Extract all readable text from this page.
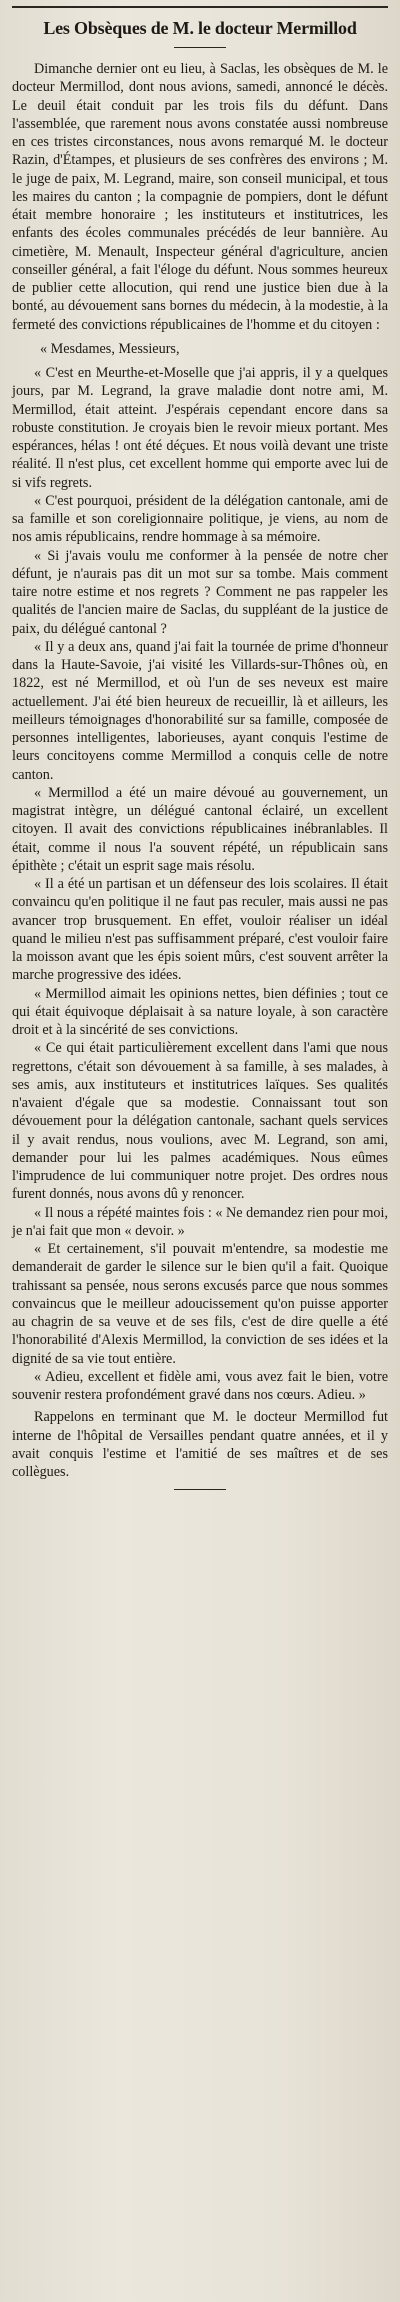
Les Obsèques de M. le docteur Mermillod

Dimanche dernier ont eu lieu, à Saclas, les obsèques de M. le docteur Mermillod, dont nous avions, samedi, annoncé le décès. Le deuil était conduit par les trois fils du défunt. Dans l'assemblée, que rarement nous avons constatée aussi nombreuse en ces tristes circonstances, nous avons remarqué M. le docteur Razin, d'Étampes, et plusieurs de ses confrères des environs ; M. le juge de paix, M. Legrand, maire, son conseil municipal, et tous les maires du canton ; la compagnie de pompiers, dont le défunt était membre honoraire ; les instituteurs et institutrices, les enfants des écoles communales précédés de leur bannière. Au cimetière, M. Menault, Inspecteur général d'agriculture, ancien conseiller général, a fait l'éloge du défunt. Nous sommes heureux de publier cette allocution, qui rend une justice bien due à la bonté, au dévouement sans bornes du médecin, à la modestie, à la fermeté des convictions républicaines de l'homme et du citoyen :

« Mesdames, Messieurs,

« C'est en Meurthe-et-Moselle que j'ai appris, il y a quelques jours, par M. Legrand, la grave maladie dont notre ami, M. Mermillod, était atteint. J'espérais cependant encore dans sa robuste constitution. Je croyais bien le revoir mieux portant. Mes espérances, hélas ! ont été déçues. Et nous voilà devant une triste réalité. Il n'est plus, cet excellent homme qui emporte avec lui de si vifs regrets.

« C'est pourquoi, président de la délégation cantonale, ami de sa famille et son coreligionnaire politique, je viens, au nom de nos amis républicains, rendre hommage à sa mémoire.

« Si j'avais voulu me conformer à la pensée de notre cher défunt, je n'aurais pas dit un mot sur sa tombe. Mais comment taire notre estime et nos regrets ? Comment ne pas rappeler les qualités de l'ancien maire de Saclas, du suppléant de la justice de paix, du délégué cantonal ?

« Il y a deux ans, quand j'ai fait la tournée de prime d'honneur dans la Haute-Savoie, j'ai visité les Villards-sur-Thônes où, en 1822, est né Mermillod, et où l'un de ses neveux est maire actuellement. J'ai été bien heureux de recueillir, là et ailleurs, les meilleurs témoignages d'honorabilité sur sa famille, composée de personnes intelligentes, laborieuses, ayant conquis l'estime de leurs concitoyens comme Mermillod a conquis celle de notre canton.

« Mermillod a été un maire dévoué au gouvernement, un magistrat intègre, un délégué cantonal éclairé, un excellent citoyen. Il avait des convictions républicaines inébranlables. Il était, comme il nous l'a souvent répété, un républicain sans épithète ; c'était un esprit sage mais résolu.

« Il a été un partisan et un défenseur des lois scolaires. Il était convaincu qu'en politique il ne faut pas reculer, mais aussi ne pas avancer trop brusquement. En effet, vouloir réaliser un idéal quand le milieu n'est pas suffisamment préparé, c'est vouloir faire la moisson avant que les épis soient mûrs, c'est souvent arrêter la marche progressive des idées.

« Mermillod aimait les opinions nettes, bien définies ; tout ce qui était équivoque déplaisait à sa nature loyale, à son caractère droit et à la sincérité de ses convictions.

« Ce qui était particulièrement excellent dans l'ami que nous regrettons, c'était son dévouement à sa famille, à ses malades, à ses amis, aux instituteurs et institutrices laïques. Ses qualités n'avaient d'égale que sa modestie. Connaissant tout son dévouement pour la délégation cantonale, sachant quels services il y avait rendus, nous voulions, avec M. Legrand, son ami, demander pour lui les palmes académiques. Nous eûmes l'imprudence de lui communiquer notre projet. Des ordres nous furent donnés, nous avons dû y renoncer.

« Il nous a répété maintes fois : « Ne demandez rien pour moi, je n'ai fait que mon « devoir. »

« Et certainement, s'il pouvait m'entendre, sa modestie me demanderait de garder le silence sur le bien qu'il a fait. Quoique trahissant sa pensée, nous serons excusés parce que nous sommes convaincus que le meilleur adoucissement qu'on puisse apporter au chagrin de sa veuve et de ses fils, c'est de dire quelle a été l'honorabilité d'Alexis Mermillod, la conviction de ses idées et la dignité de sa vie tout entière.

« Adieu, excellent et fidèle ami, vous avez fait le bien, votre souvenir restera profondément gravé dans nos cœurs. Adieu. »

Rappelons en terminant que M. le docteur Mermillod fut interne de l'hôpital de Versailles pendant quatre années, et il y avait conquis l'estime et l'amitié de ses maîtres et de ses collègues.
